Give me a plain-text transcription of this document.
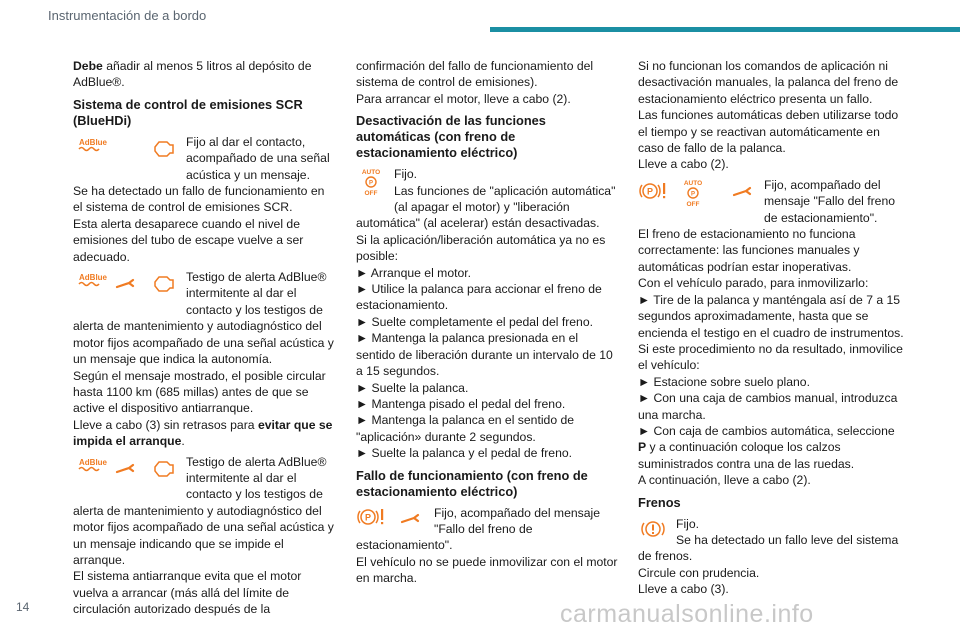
Instrumentación de a bordo

Debe añadir al menos 5 litros al depósito de AdBlue®.

Sistema de control de emisiones SCR (BlueHDi)
AdBlue	Fijo al dar el contacto, acompañado de una señal acústica y un mensaje.

Se ha detectado un fallo de funcionamiento en el sistema de control de emisiones SCR.

Esta alerta desaparece cuando el nivel de emisiones del tubo de escape vuelve a ser adecuado.

AdBlue	Testigo de alerta AdBlue® intermitente al dar el contacto y los testigos de alerta de mantenimiento y autodiagnóstico del motor fijos acompañado de una señal acústica y un mensaje que indica la autonomía.

Según el mensaje mostrado, el posible circular hasta 1100 km (685 millas) antes de que se active el dispositivo antiarranque.

Lleve a cabo (3) sin retrasos para evitar que se impida el arranque.

AdBlue	Testigo de alerta AdBlue® intermitente al dar el contacto y los testigos de alerta de mantenimiento y autodiagnóstico del motor fijos acompañado de una señal acústica y un mensaje indicando que se impide el arranque.

El sistema antiarranque evita que el motor vuelva a arrancar (más allá del límite de circulación autorizado después de la

confirmación del fallo de funcionamiento del sistema de control de emisiones).

Para arrancar el motor, lleve a cabo (2).

Desactivación de las funciones automáticas (con freno de estacionamiento eléctrico)
AUTO
P
OFF

Fijo.

Las funciones de "aplicación automática" (al apagar el motor) y "liberación automática" (al acelerar) están desactivadas.

Si la aplicación/liberación automática ya no es posible:

► Arranque el motor.

► Utilice la palanca para accionar el freno de estacionamiento.

► Suelte completamente el pedal del freno.

► Mantenga la palanca presionada en el sentido de liberación durante un intervalo de 10 a 15 segundos.

► Suelte la palanca.

► Mantenga pisado el pedal del freno.

► Mantenga la palanca en el sentido de "aplicación» durante 2 segundos.

► Suelte la palanca y el pedal de freno.

Fallo de funcionamiento (con freno de estacionamiento eléctrico)
P	Fijo, acompañado del mensaje "Fallo del freno de estacionamiento".

El vehículo no se puede inmovilizar con el motor en marcha.

Si no funcionan los comandos de aplicación ni desactivación manuales, la palanca del freno de estacionamiento eléctrico presenta un fallo.

Las funciones automáticas deben utilizarse todo el tiempo y se reactivan automáticamente en caso de fallo de la palanca.

Lleve a cabo (2).

P
AUTO
P
OFF

Fijo, acompañado del mensaje "Fallo del freno de estacionamiento".

El freno de estacionamiento no funciona correctamente: las funciones manuales y automáticas podrían estar inoperativas.

Con el vehículo parado, para inmovilizarlo:

► Tire de la palanca y manténgala así de 7 a 15 segundos aproximadamente, hasta que se encienda el testigo en el cuadro de instrumentos.

Si este procedimiento no da resultado, inmovilice el vehículo:

► Estacione sobre suelo plano.

► Con una caja de cambios manual, introduzca una marcha.

► Con caja de cambios automática, seleccione P y a continuación coloque los calzos suministrados contra una de las ruedas.

A continuación, lleve a cabo (2).

Frenos

Fijo.

Se ha detectado un fallo leve del sistema de frenos.

Circule con prudencia.

Lleve a cabo (3).

14	carmanualsonline.info
